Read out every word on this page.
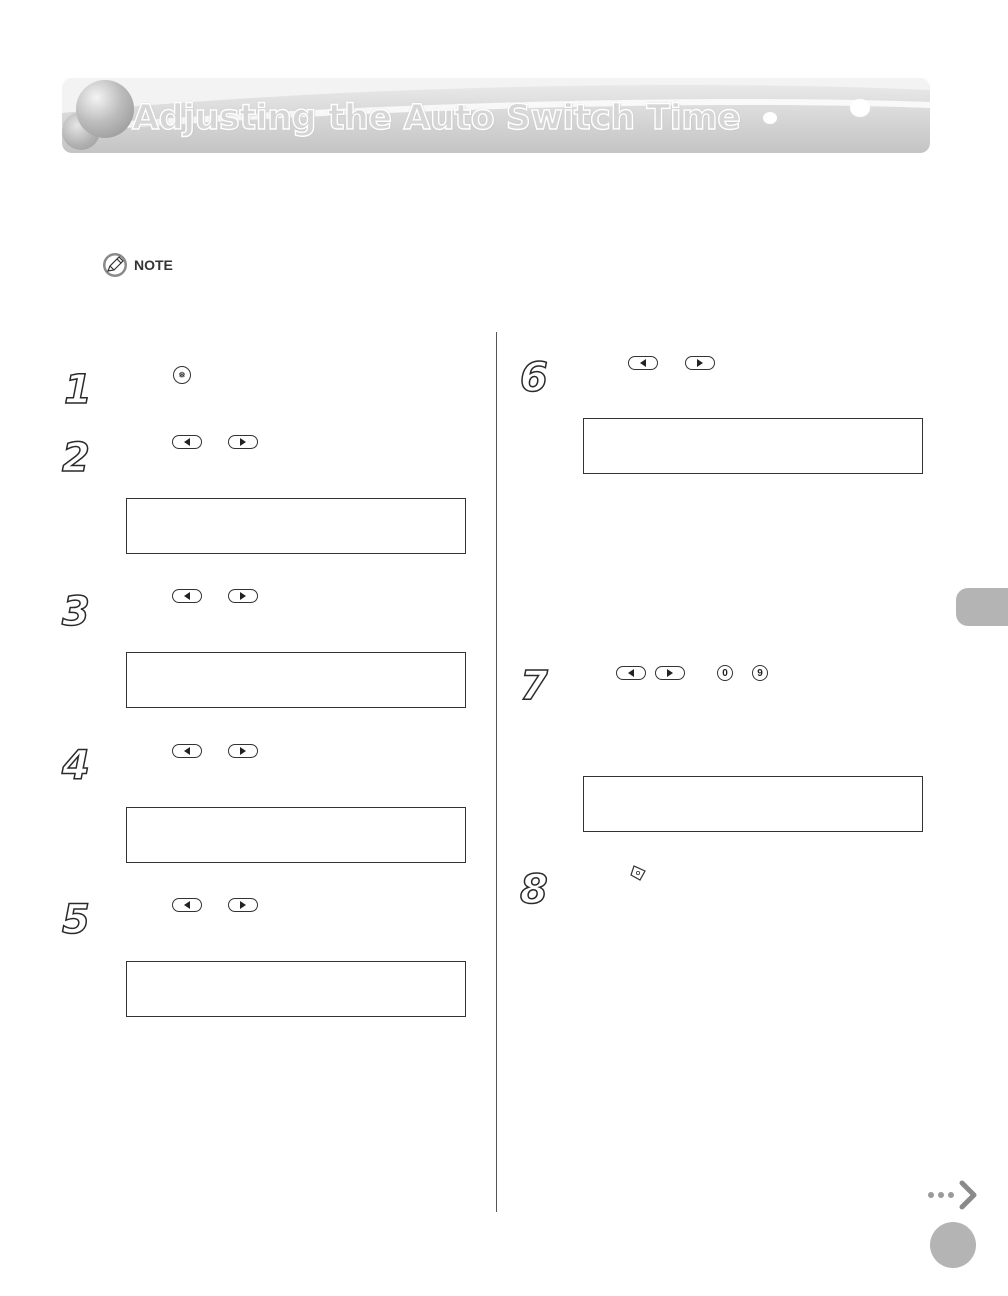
Adjusting the Auto Switch Time
NOTE
1	❅
2
3
4
5
6
7	0	9
8
